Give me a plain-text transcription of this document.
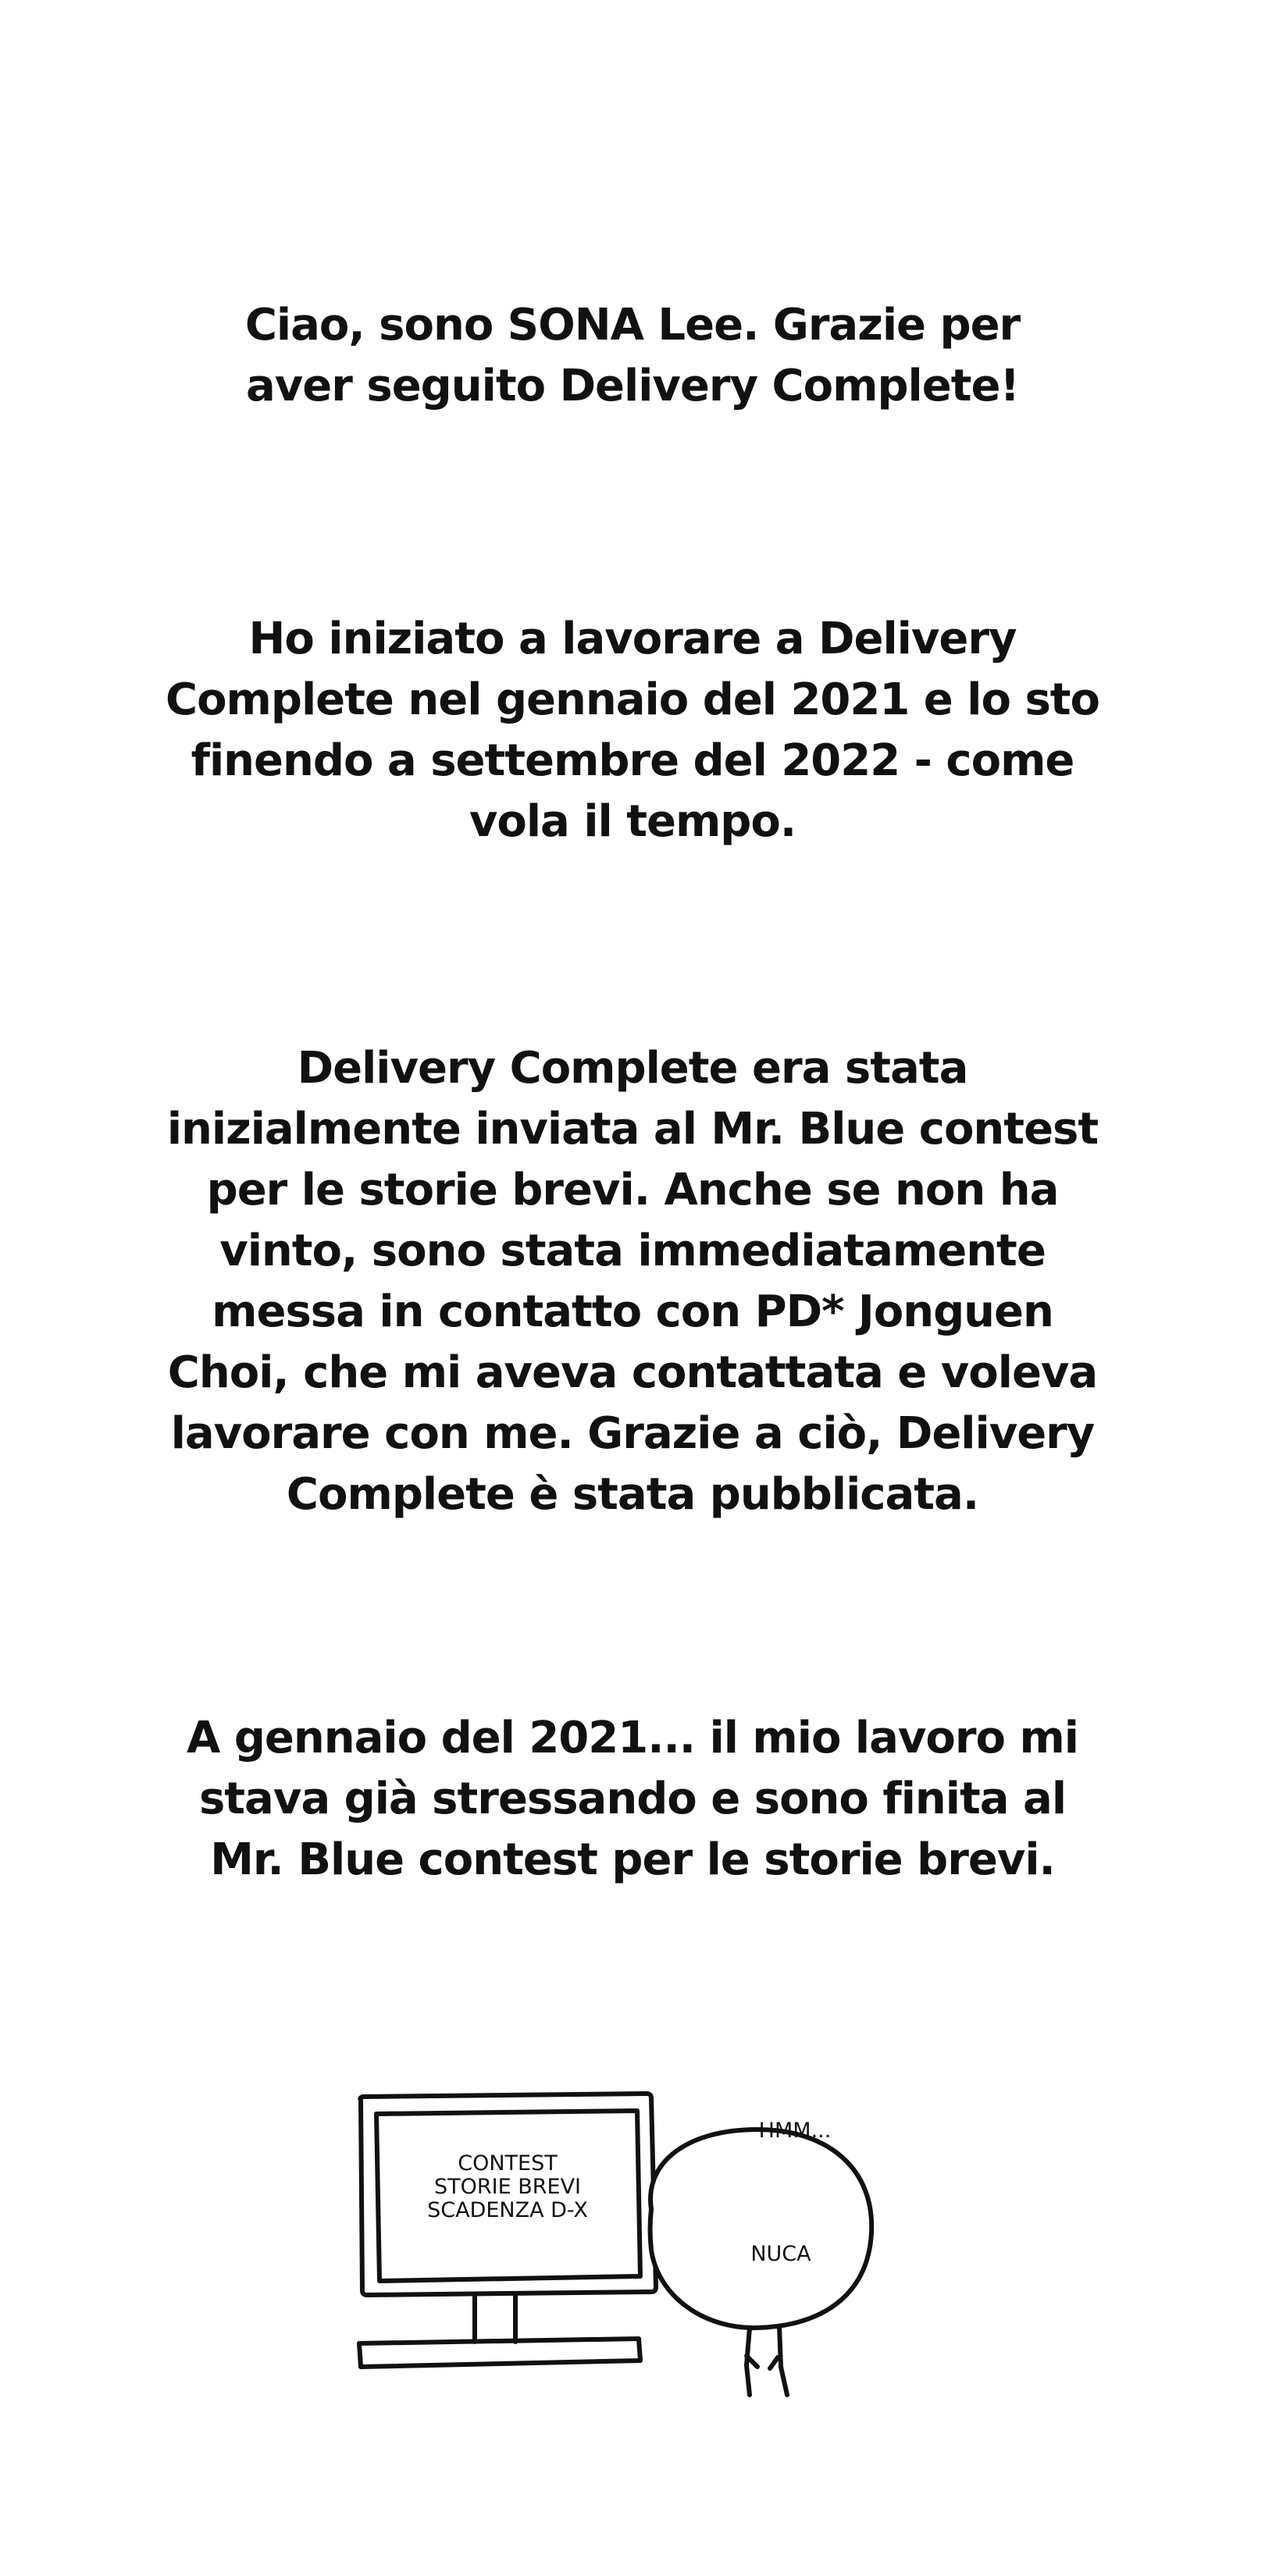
Ciao, sono SONA Lee. Grazie per
aver seguito Delivery Complete!
Ho iniziato a lavorare a Delivery
Complete nel gennaio del 2021 e lo sto
finendo a settembre del 2022 - come
vola il tempo.
Delivery Complete era stata
inizialmente inviata al Mr. Blue contest
per le storie brevi. Anche se non ha
vinto, sono stata immediatamente
messa in contatto con PD* Jonguen
Choi, che mi aveva contattata e voleva
lavorare con me. Grazie a ciò, Delivery
Complete è stata pubblicata.
A gennaio del 2021... il mio lavoro mi
stava già stressando e sono finita al
Mr. Blue contest per le storie brevi.
CONTEST
STORIE BREVI
SCADENZA D-X
HMM...
NUCA
